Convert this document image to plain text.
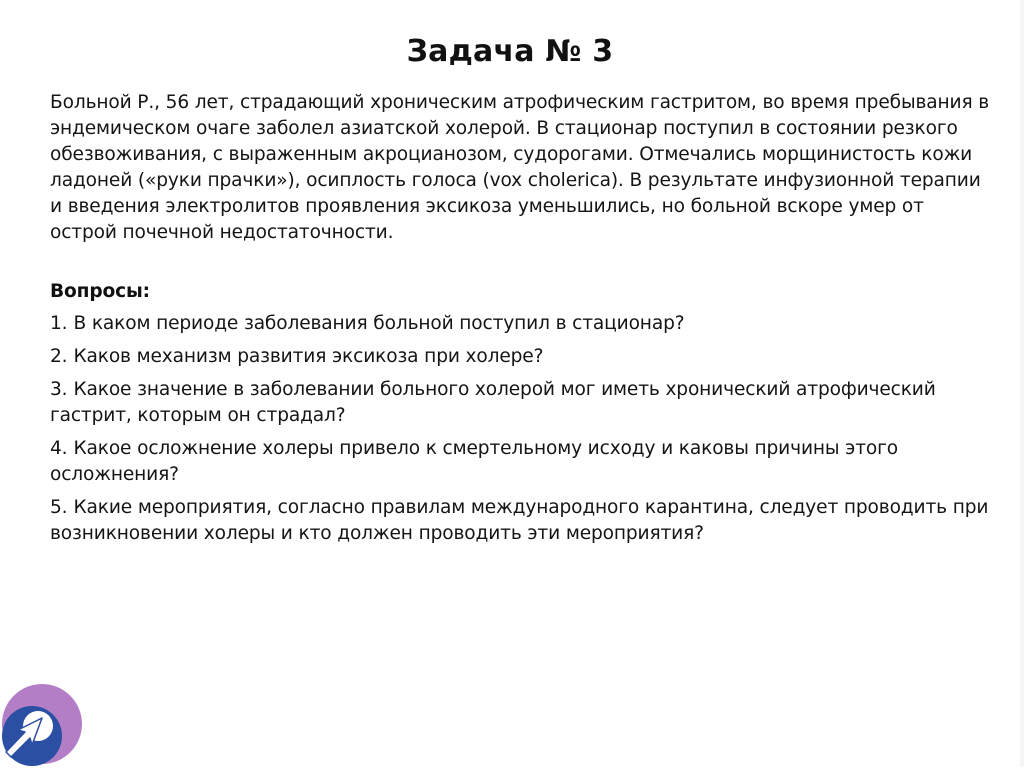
Задача № 3

Больной Р., 56 лет, страдающий хроническим атрофическим гастритом, во время пребывания в эндемическом очаге заболел азиатской холерой. В стационар поступил в состоянии резкого обезвоживания, с выраженным акроцианозом, судорогами. Отмечались морщинистость кожи ладоней («руки прачки»), осиплость голоса (vox cholerica). В результате инфузионной терапии и введения электролитов проявления эксикоза уменьшились, но больной вскоре умер от острой почечной недостаточности.

Вопросы:

1. В каком периоде заболевания больной поступил в стационар?

2. Каков механизм развития эксикоза при холере?

3. Какое значение в заболевании больного холерой мог иметь хронический атрофический гастрит, которым он страдал?

4. Какое осложнение холеры привело к смертельному исходу и каковы причины этого осложнения?

5. Какие мероприятия, согласно правилам международного карантина, следует проводить при возникновении холеры и кто должен проводить эти мероприятия?
